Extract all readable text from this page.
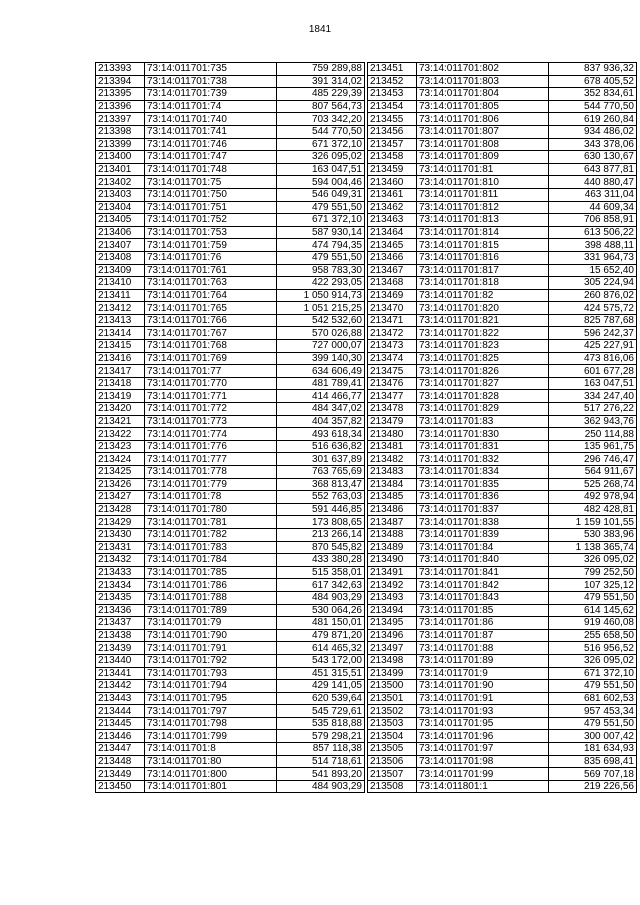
1841
213393	73:14:011701:735	759 289,88
213394	73:14:011701:738	391 314,02
213395	73:14:011701:739	485 229,39
213396	73:14:011701:74	807 564,73
213397	73:14:011701:740	703 342,20
213398	73:14:011701:741	544 770,50
213399	73:14:011701:746	671 372,10
213400	73:14:011701:747	326 095,02
213401	73:14:011701:748	163 047,51
213402	73:14:011701:75	594 004,46
213403	73:14:011701:750	546 049,31
213404	73:14:011701:751	479 551,50
213405	73:14:011701:752	671 372,10
213406	73:14:011701:753	587 930,14
213407	73:14:011701:759	474 794,35
213408	73:14:011701:76	479 551,50
213409	73:14:011701:761	958 783,30
213410	73:14:011701:763	422 293,05
213411	73:14:011701:764	1 050 914,73
213412	73:14:011701:765	1 051 215,25
213413	73:14:011701:766	542 532,60
213414	73:14:011701:767	570 026,88
213415	73:14:011701:768	727 000,07
213416	73:14:011701:769	399 140,30
213417	73:14:011701:77	634 606,49
213418	73:14:011701:770	481 789,41
213419	73:14:011701:771	414 466,77
213420	73:14:011701:772	484 347,02
213421	73:14:011701:773	404 357,82
213422	73:14:011701:774	493 618,34
213423	73:14:011701:776	516 636,82
213424	73:14:011701:777	301 637,89
213425	73:14:011701:778	763 765,69
213426	73:14:011701:779	368 813,47
213427	73:14:011701:78	552 763,03
213428	73:14:011701:780	591 446,85
213429	73:14:011701:781	173 808,65
213430	73:14:011701:782	213 266,14
213431	73:14:011701:783	870 545,82
213432	73:14:011701:784	433 380,28
213433	73:14:011701:785	515 358,01
213434	73:14:011701:786	617 342,63
213435	73:14:011701:788	484 903,29
213436	73:14:011701:789	530 064,26
213437	73:14:011701:79	481 150,01
213438	73:14:011701:790	479 871,20
213439	73:14:011701:791	614 465,32
213440	73:14:011701:792	543 172,00
213441	73:14:011701:793	451 315,51
213442	73:14:011701:794	429 141,05
213443	73:14:011701:795	620 539,64
213444	73:14:011701:797	545 729,61
213445	73:14:011701:798	535 818,88
213446	73:14:011701:799	579 298,21
213447	73:14:011701:8	857 118,38
213448	73:14:011701:80	514 718,61
213449	73:14:011701:800	541 893,20
213450	73:14:011701:801	484 903,29
213451	73:14:011701:802	837 936,32
213452	73:14:011701:803	678 405,52
213453	73:14:011701:804	352 834,61
213454	73:14:011701:805	544 770,50
213455	73:14:011701:806	619 260,84
213456	73:14:011701:807	934 486,02
213457	73:14:011701:808	343 378,06
213458	73:14:011701:809	630 130,67
213459	73:14:011701:81	643 877,81
213460	73:14:011701:810	440 880,47
213461	73:14:011701:811	463 311,04
213462	73:14:011701:812	44 609,34
213463	73:14:011701:813	706 858,91
213464	73:14:011701:814	613 506,22
213465	73:14:011701:815	398 488,11
213466	73:14:011701:816	331 964,73
213467	73:14:011701:817	15 652,40
213468	73:14:011701:818	305 224,94
213469	73:14:011701:82	260 876,02
213470	73:14:011701:820	424 575,72
213471	73:14:011701:821	825 787,68
213472	73:14:011701:822	596 242,37
213473	73:14:011701:823	425 227,91
213474	73:14:011701:825	473 816,06
213475	73:14:011701:826	601 677,28
213476	73:14:011701:827	163 047,51
213477	73:14:011701:828	334 247,40
213478	73:14:011701:829	517 276,22
213479	73:14:011701:83	362 943,76
213480	73:14:011701:830	250 114,88
213481	73:14:011701:831	135 961,75
213482	73:14:011701:832	296 746,47
213483	73:14:011701:834	564 911,67
213484	73:14:011701:835	525 268,74
213485	73:14:011701:836	492 978,94
213486	73:14:011701:837	482 428,81
213487	73:14:011701:838	1 159 101,55
213488	73:14:011701:839	530 383,96
213489	73:14:011701:84	1 138 365,74
213490	73:14:011701:840	326 095,02
213491	73:14:011701:841	799 252,50
213492	73:14:011701:842	107 325,12
213493	73:14:011701:843	479 551,50
213494	73:14:011701:85	614 145,62
213495	73:14:011701:86	919 460,08
213496	73:14:011701:87	255 658,50
213497	73:14:011701:88	516 956,52
213498	73:14:011701:89	326 095,02
213499	73:14:011701:9	671 372,10
213500	73:14:011701:90	479 551,50
213501	73:14:011701:91	681 602,53
213502	73:14:011701:93	957 453,34
213503	73:14:011701:95	479 551,50
213504	73:14:011701:96	300 007,42
213505	73:14:011701:97	181 634,93
213506	73:14:011701:98	835 698,41
213507	73:14:011701:99	569 707,18
213508	73:14:011801:1	219 226,56
